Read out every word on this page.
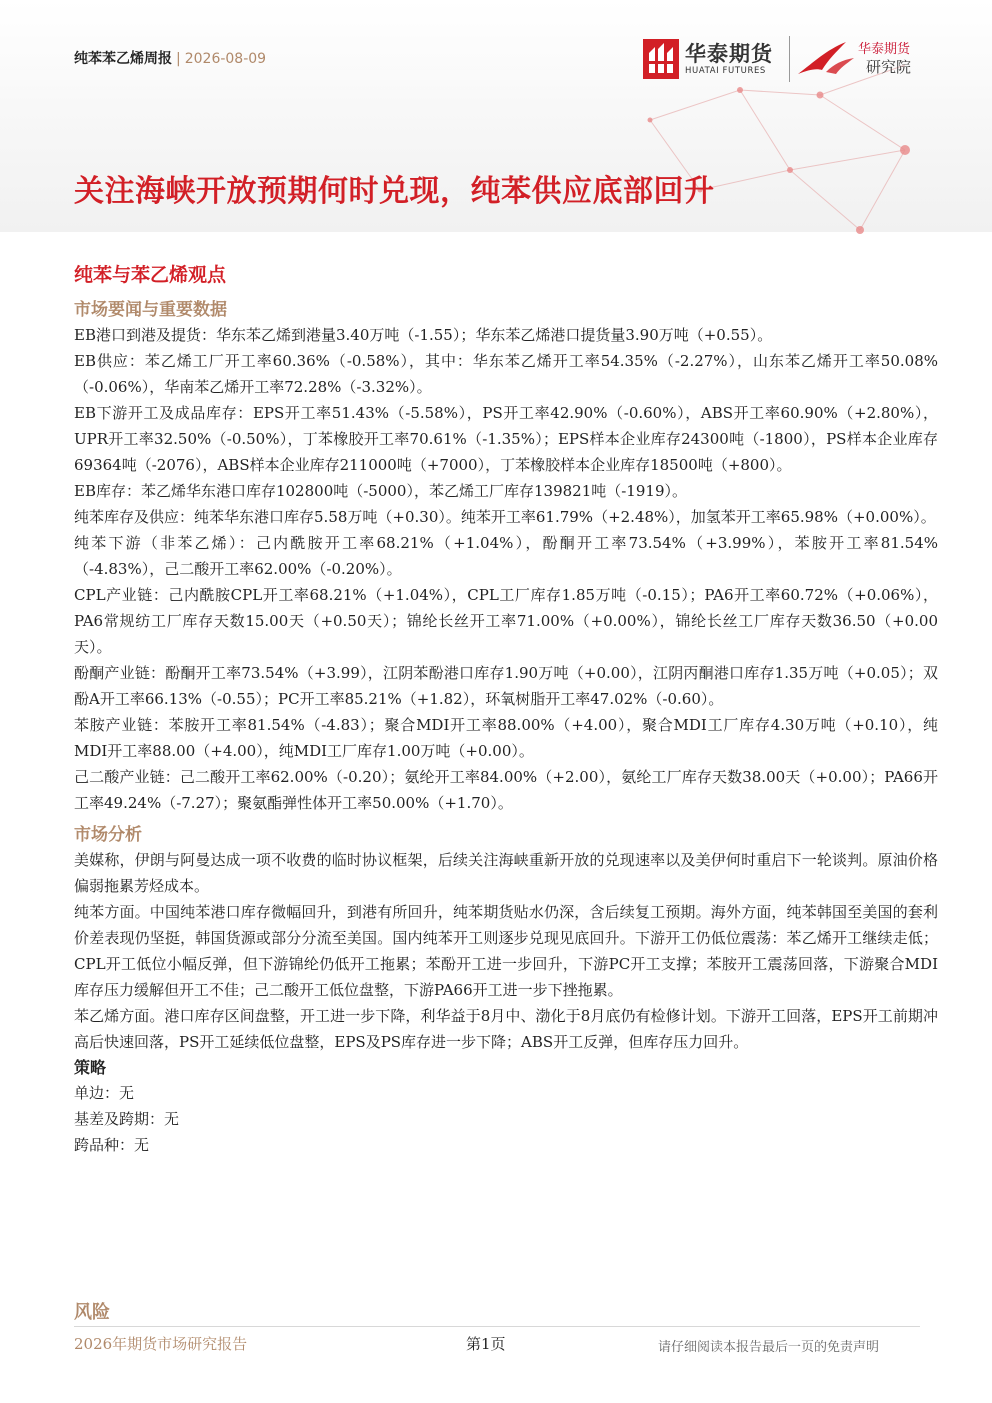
纯苯苯乙烯周报 | 2026-08-09	华泰期货
HUATAI FUTURES
华泰期货
研究院
关注海峡开放预期何时兑现，纯苯供应底部回升
纯苯与苯乙烯观点
市场要闻与重要数据

EB港口到港及提货：华东苯乙烯到港量3.40万吨（-1.55）；华东苯乙烯港口提货量3.90万吨（+0.55）。

EB供应：苯乙烯工厂开工率60.36%（-0.58%），其中：华东苯乙烯开工率54.35%（-2.27%），山东苯乙烯开工率50.08%（-0.06%），华南苯乙烯开工率72.28%（-3.32%）。

EB下游开工及成品库存：EPS开工率51.43%（-5.58%），PS开工率42.90%（-0.60%），ABS开工率60.90%（+2.80%），UPR开工率32.50%（-0.50%），丁苯橡胶开工率70.61%（-1.35%）；EPS样本企业库存24300吨（-1800），PS样本企业库存69364吨（-2076），ABS样本企业库存211000吨（+7000），丁苯橡胶样本企业库存18500吨（+800）。

EB库存：苯乙烯华东港口库存102800吨（-5000），苯乙烯工厂库存139821吨（-1919）。

纯苯库存及供应：纯苯华东港口库存5.58万吨（+0.30）。纯苯开工率61.79%（+2.48%），加氢苯开工率65.98%（+0.00%）。

纯苯下游（非苯乙烯）：己内酰胺开工率68.21%（+1.04%），酚酮开工率73.54%（+3.99%），苯胺开工率81.54%（-4.83%），己二酸开工率62.00%（-0.20%）。

CPL产业链：己内酰胺CPL开工率68.21%（+1.04%），CPL工厂库存1.85万吨（-0.15）；PA6开工率60.72%（+0.06%），PA6常规纺工厂库存天数15.00天（+0.50天）；锦纶长丝开工率71.00%（+0.00%），锦纶长丝工厂库存天数36.50（+0.00天）。

酚酮产业链：酚酮开工率73.54%（+3.99），江阴苯酚港口库存1.90万吨（+0.00），江阴丙酮港口库存1.35万吨（+0.05）；双酚A开工率66.13%（-0.55）；PC开工率85.21%（+1.82），环氧树脂开工率47.02%（-0.60）。

苯胺产业链：苯胺开工率81.54%（-4.83）；聚合MDI开工率88.00%（+4.00），聚合MDI工厂库存4.30万吨（+0.10），纯MDI开工率88.00（+4.00），纯MDI工厂库存1.00万吨（+0.00）。

己二酸产业链：己二酸开工率62.00%（-0.20）；氨纶开工率84.00%（+2.00），氨纶工厂库存天数38.00天（+0.00）；PA66开工率49.24%（-7.27）；聚氨酯弹性体开工率50.00%（+1.70）。

市场分析

美媒称，伊朗与阿曼达成一项不收费的临时协议框架，后续关注海峡重新开放的兑现速率以及美伊何时重启下一轮谈判。原油价格偏弱拖累芳烃成本。

纯苯方面。中国纯苯港口库存微幅回升，到港有所回升，纯苯期货贴水仍深，含后续复工预期。海外方面，纯苯韩国至美国的套利价差表现仍坚挺，韩国货源或部分分流至美国。国内纯苯开工则逐步兑现见底回升。下游开工仍低位震荡：苯乙烯开工继续走低；CPL开工低位小幅反弹，但下游锦纶仍低开工拖累；苯酚开工进一步回升，下游PC开工支撑；苯胺开工震荡回落，下游聚合MDI库存压力缓解但开工不佳；己二酸开工低位盘整，下游PA66开工进一步下挫拖累。

苯乙烯方面。港口库存区间盘整，开工进一步下降，利华益于8月中、渤化于8月底仍有检修计划。下游开工回落，EPS开工前期冲高后快速回落，PS开工延续低位盘整，EPS及PS库存进一步下降；ABS开工反弹，但库存压力回升。

策略

单边：无

基差及跨期：无

跨品种：无

风险
2026年期货市场研究报告	第1页	请仔细阅读本报告最后一页的免责声明
